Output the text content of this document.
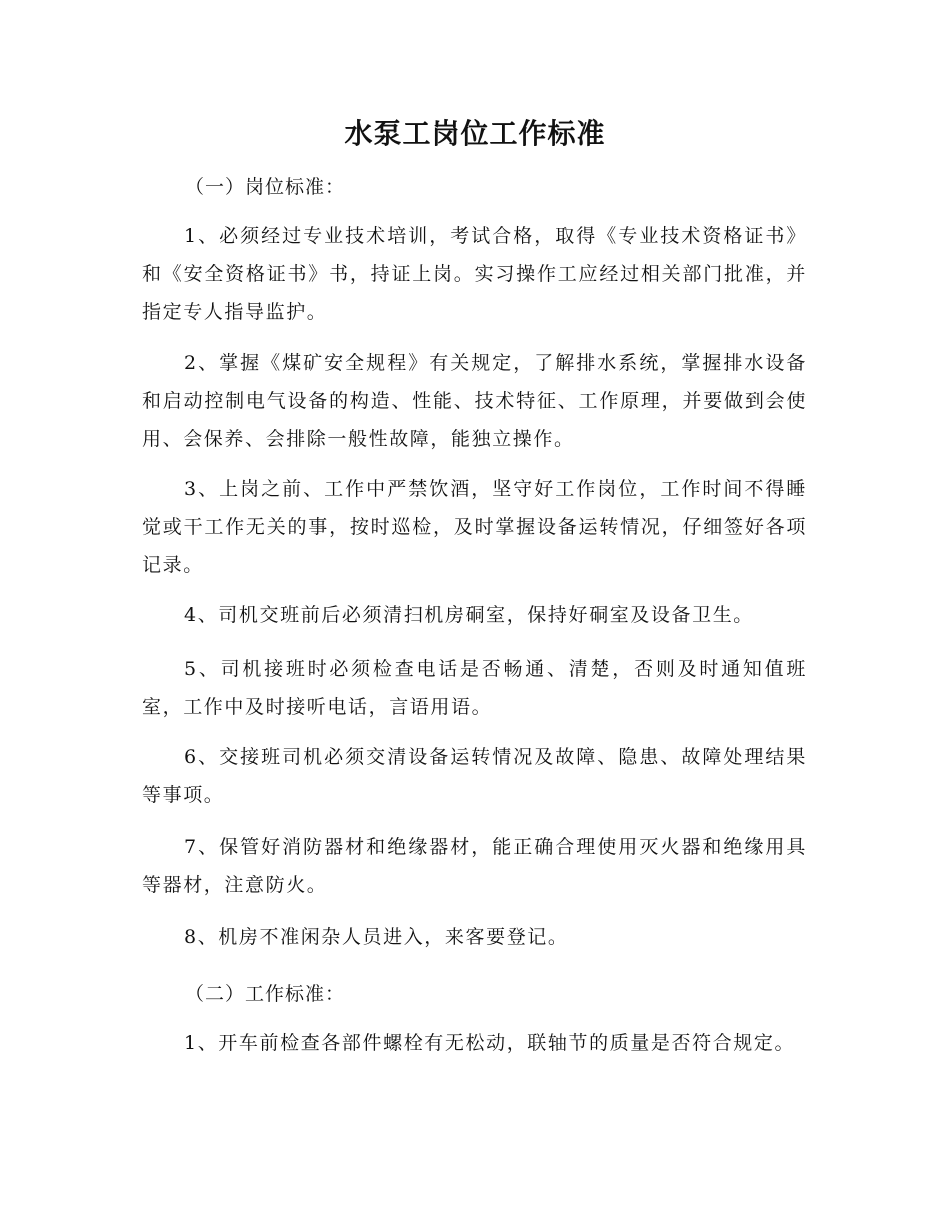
水泵工岗位工作标准
（一）岗位标准：
1、必须经过专业技术培训，考试合格，取得《专业技术资格证书》和《安全资格证书》书，持证上岗。实习操作工应经过相关部门批准，并指定专人指导监护。
2、掌握《煤矿安全规程》有关规定，了解排水系统，掌握排水设备和启动控制电气设备的构造、性能、技术特征、工作原理，并要做到会使用、会保养、会排除一般性故障，能独立操作。
3、上岗之前、工作中严禁饮酒，坚守好工作岗位，工作时间不得睡觉或干工作无关的事，按时巡检，及时掌握设备运转情况，仔细签好各项记录。
4、司机交班前后必须清扫机房硐室，保持好硐室及设备卫生。
5、司机接班时必须检查电话是否畅通、清楚，否则及时通知值班室，工作中及时接听电话，言语用语。
6、交接班司机必须交清设备运转情况及故障、隐患、故障处理结果等事项。
7、保管好消防器材和绝缘器材，能正确合理使用灭火器和绝缘用具等器材，注意防火。
8、机房不准闲杂人员进入，来客要登记。
（二）工作标准：
1、开车前检查各部件螺栓有无松动，联轴节的质量是否符合规定。
